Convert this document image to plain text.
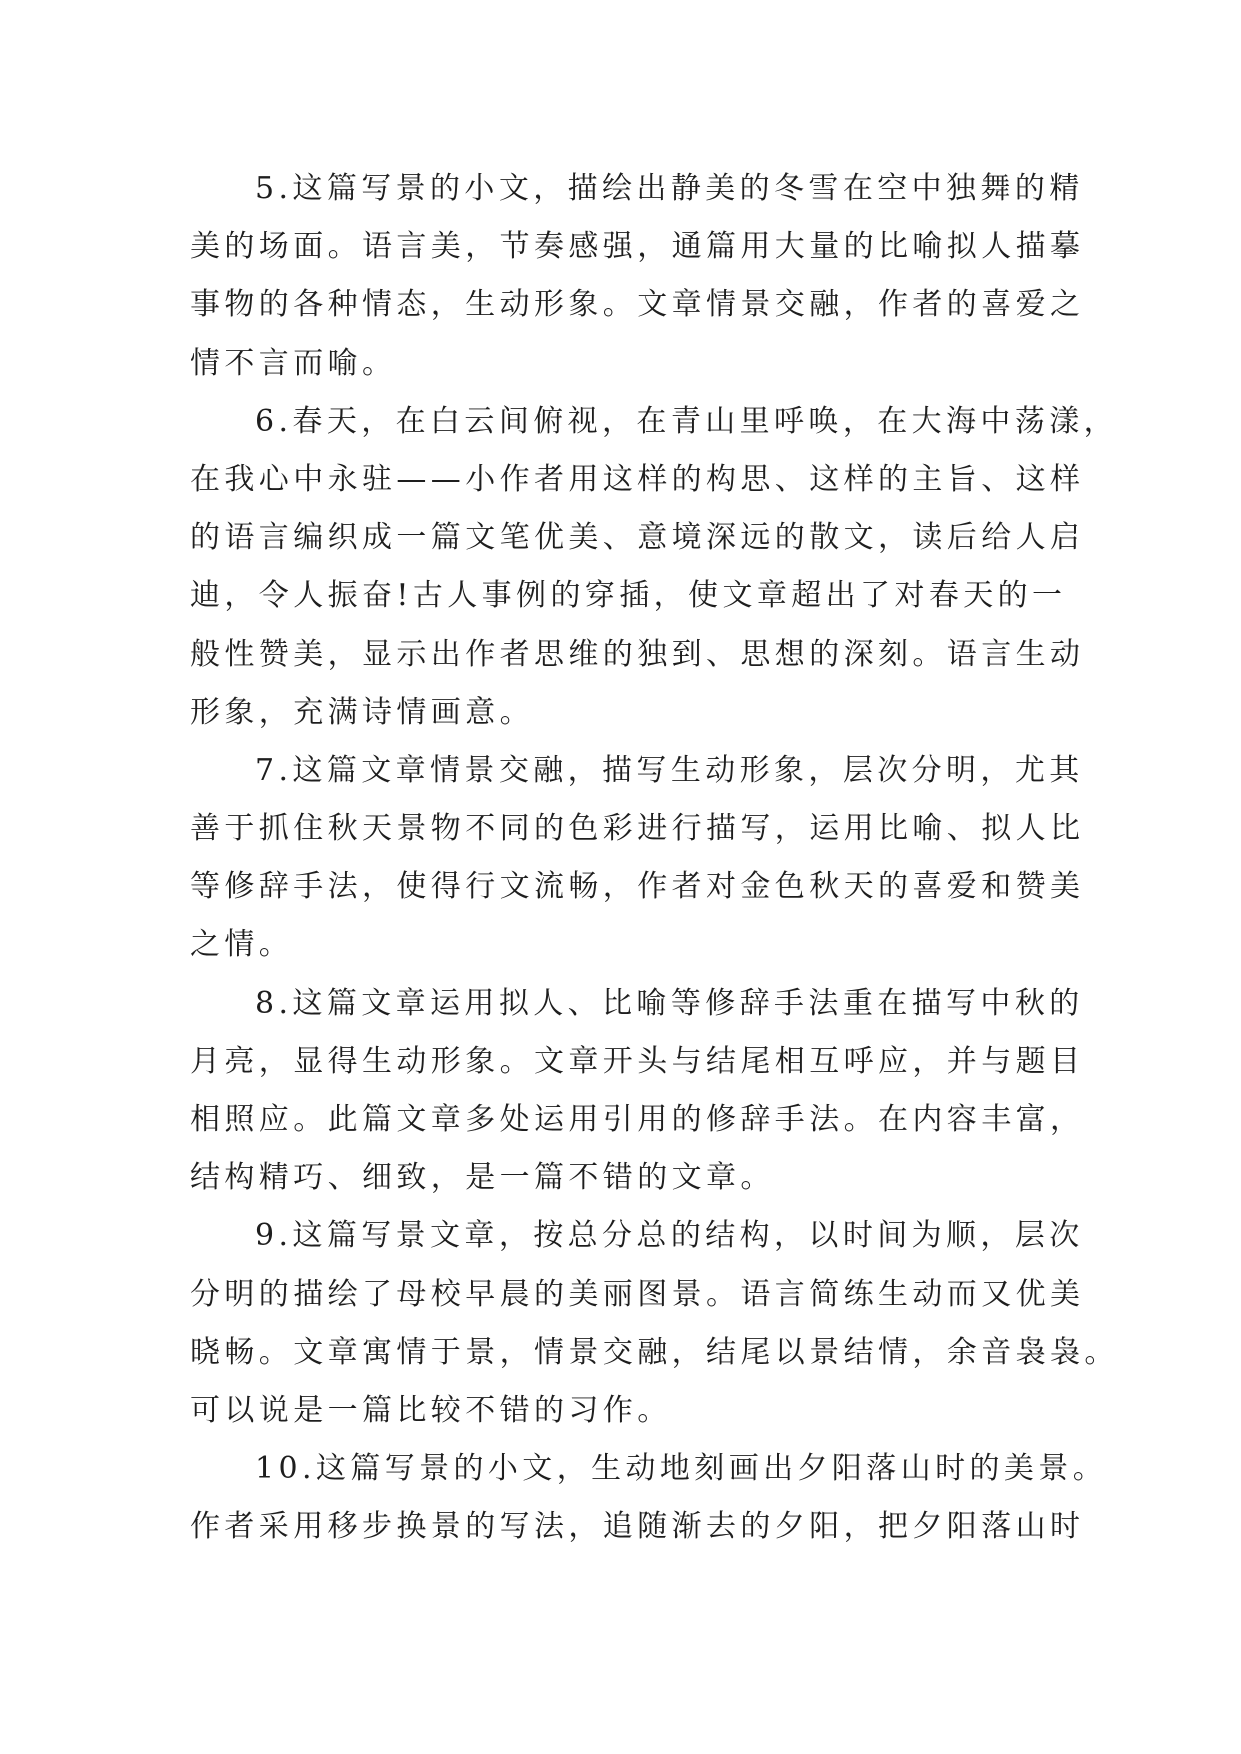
5.这篇写景的小文，描绘出静美的冬雪在空中独舞的精
美的场面。语言美，节奏感强，通篇用大量的比喻拟人描摹
事物的各种情态，生动形象。文章情景交融，作者的喜爱之
情不言而喻。
6.春天，在白云间俯视，在青山里呼唤，在大海中荡漾，
在我心中永驻——小作者用这样的构思、这样的主旨、这样
的语言编织成一篇文笔优美、意境深远的散文，读后给人启
迪，令人振奋!古人事例的穿插，使文章超出了对春天的一
般性赞美，显示出作者思维的独到、思想的深刻。语言生动
形象，充满诗情画意。
7.这篇文章情景交融，描写生动形象，层次分明，尤其
善于抓住秋天景物不同的色彩进行描写，运用比喻、拟人比
等修辞手法，使得行文流畅，作者对金色秋天的喜爱和赞美
之情。
8.这篇文章运用拟人、比喻等修辞手法重在描写中秋的
月亮，显得生动形象。文章开头与结尾相互呼应，并与题目
相照应。此篇文章多处运用引用的修辞手法。在内容丰富，
结构精巧、细致，是一篇不错的文章。
9.这篇写景文章，按总分总的结构，以时间为顺，层次
分明的描绘了母校早晨的美丽图景。语言简练生动而又优美
晓畅。文章寓情于景，情景交融，结尾以景结情，余音袅袅。
可以说是一篇比较不错的习作。
10.这篇写景的小文，生动地刻画出夕阳落山时的美景。
作者采用移步换景的写法，追随渐去的夕阳，把夕阳落山时
